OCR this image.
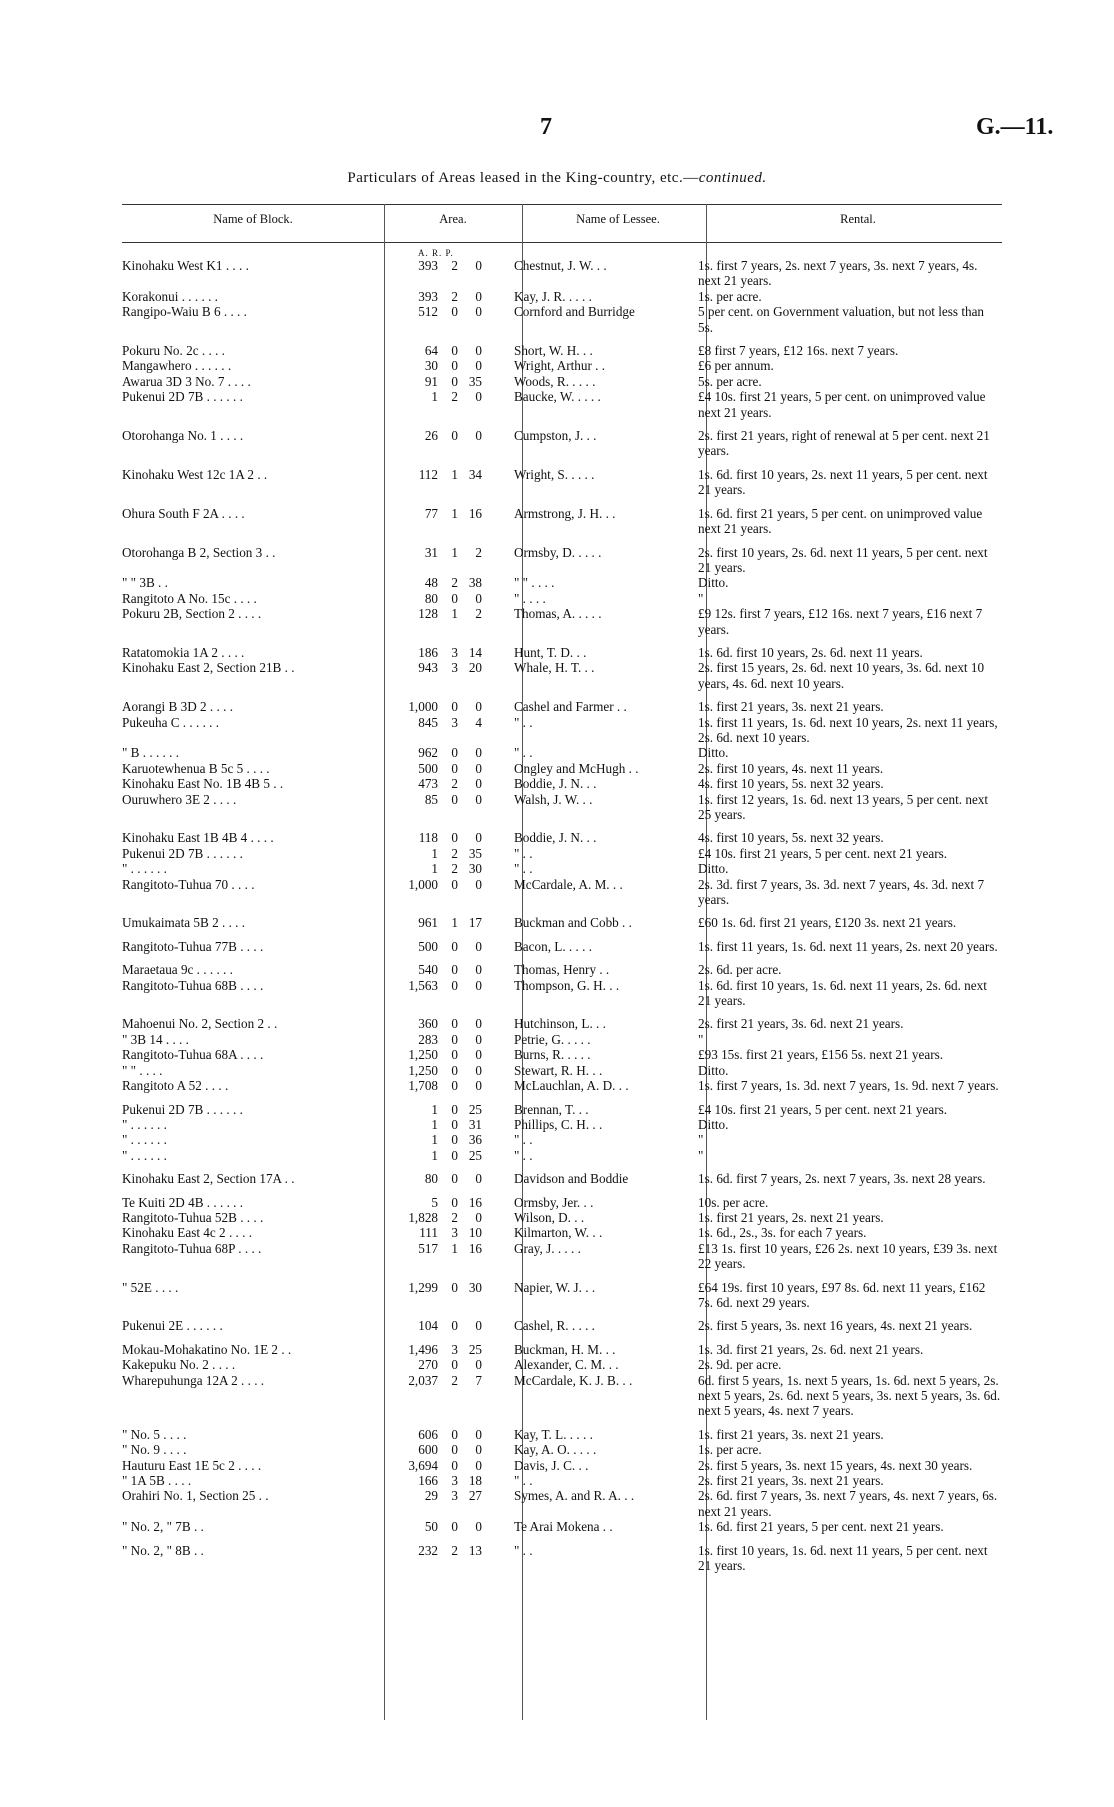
7	G.—11.
Particulars of Areas leased in the King-country, etc.—continued.
Name of Block.	Area.	Name of Lessee.	Rental.
A. R. P.
Kinohaku West K1 . . . .	393 2 0	Chestnut, J. W. . .	1s. first 7 years, 2s. next 7 years, 3s. next 7 years, 4s. next 21 years.
Korakonui . . . . . .	393 2 0	Kay, J. R. . . . .	1s. per acre.
Rangipo-Waiu B 6 . . . .	512 0 0	Cornford and Burridge	5 per cent. on Government valuation, but not less than 5s.
Pokuru No. 2c . . . .	64 0 0	Short, W. H. . .	£8 first 7 years, £12 16s. next 7 years.
Mangawhero . . . . . .	30 0 0	Wright, Arthur . .	£6 per annum.
Awarua 3D 3 No. 7 . . . .	91 0 35	Woods, R. . . . .	5s. per acre.
Pukenui 2D 7B . . . . . .	1 2 0	Baucke, W. . . . .	£4 10s. first 21 years, 5 per cent. on unimproved value next 21 years.
Otorohanga No. 1 . . . .	26 0 0	Cumpston, J. . .	2s. first 21 years, right of renewal at 5 per cent. next 21 years.
Kinohaku West 12c 1A 2 . .	112 1 34	Wright, S. . . . .	1s. 6d. first 10 years, 2s. next 11 years, 5 per cent. next 21 years.
Ohura South F 2A . . . .	77 1 16	Armstrong, J. H. . .	1s. 6d. first 21 years, 5 per cent. on unimproved value next 21 years.
Otorohanga B 2, Section 3 . .	31 1 2	Ormsby, D. . . . .	2s. first 10 years, 2s. 6d. next 11 years, 5 per cent. next 21 years.
" " 3B . .	48 2 38	" " . . . .	Ditto.
Rangitoto A No. 15c . . . .	80 0 0	" . . . .	"
Pokuru 2B, Section 2 . . . .	128 1 2	Thomas, A. . . . .	£9 12s. first 7 years, £12 16s. next 7 years, £16 next 7 years.
Ratatomokia 1A 2 . . . .	186 3 14	Hunt, T. D. . .	1s. 6d. first 10 years, 2s. 6d. next 11 years.
Kinohaku East 2, Section 21B . .	943 3 20	Whale, H. T. . .	2s. first 15 years, 2s. 6d. next 10 years, 3s. 6d. next 10 years, 4s. 6d. next 10 years.
Aorangi B 3D 2 . . . .	1,000 0 0	Cashel and Farmer . .	1s. first 21 years, 3s. next 21 years.
Pukeuha C . . . . . .	845 3 4	" . .	1s. first 11 years, 1s. 6d. next 10 years, 2s. next 11 years, 2s. 6d. next 10 years.
" B . . . . . .	962 0 0	" . .	Ditto.
Karuotewhenua B 5c 5 . . . .	500 0 0	Ongley and McHugh . .	2s. first 10 years, 4s. next 11 years.
Kinohaku East No. 1B 4B 5 . .	473 2 0	Boddie, J. N. . .	4s. first 10 years, 5s. next 32 years.
Ouruwhero 3E 2 . . . .	85 0 0	Walsh, J. W. . .	1s. first 12 years, 1s. 6d. next 13 years, 5 per cent. next 25 years.
Kinohaku East 1B 4B 4 . . . .	118 0 0	Boddie, J. N. . .	4s. first 10 years, 5s. next 32 years.
Pukenui 2D 7B . . . . . .	1 2 35	" . .	£4 10s. first 21 years, 5 per cent. next 21 years.
" . . . . . .	1 2 30	" . .	Ditto.
Rangitoto-Tuhua 70 . . . .	1,000 0 0	McCardale, A. M. . .	2s. 3d. first 7 years, 3s. 3d. next 7 years, 4s. 3d. next 7 years.
Umukaimata 5B 2 . . . .	961 1 17	Buckman and Cobb . .	£60 1s. 6d. first 21 years, £120 3s. next 21 years.
Rangitoto-Tuhua 77B . . . .	500 0 0	Bacon, L. . . . .	1s. first 11 years, 1s. 6d. next 11 years, 2s. next 20 years.
Maraetaua 9c . . . . . .	540 0 0	Thomas, Henry . .	2s. 6d. per acre.
Rangitoto-Tuhua 68B . . . .	1,563 0 0	Thompson, G. H. . .	1s. 6d. first 10 years, 1s. 6d. next 11 years, 2s. 6d. next 21 years.
Mahoenui No. 2, Section 2 . .	360 0 0	Hutchinson, L. . .	2s. first 21 years, 3s. 6d. next 21 years.
" 3B 14 . . . .	283 0 0	Petrie, G. . . . .	"
Rangitoto-Tuhua 68A . . . .	1,250 0 0	Burns, R. . . . .	£93 15s. first 21 years, £156 5s. next 21 years.
" " . . . .	1,250 0 0	Stewart, R. H. . .	Ditto.
Rangitoto A 52 . . . .	1,708 0 0	McLauchlan, A. D. . .	1s. first 7 years, 1s. 3d. next 7 years, 1s. 9d. next 7 years.
Pukenui 2D 7B . . . . . .	1 0 25	Brennan, T. . .	£4 10s. first 21 years, 5 per cent. next 21 years.
" . . . . . .	1 0 31	Phillips, C. H. . .	Ditto.
" . . . . . .	1 0 36	" . .	"
" . . . . . .	1 0 25	" . .	"
Kinohaku East 2, Section 17A . .	80 0 0	Davidson and Boddie	1s. 6d. first 7 years, 2s. next 7 years, 3s. next 28 years.
Te Kuiti 2D 4B . . . . . .	5 0 16	Ormsby, Jer. . .	10s. per acre.
Rangitoto-Tuhua 52B . . . .	1,828 2 0	Wilson, D. . .	1s. first 21 years, 2s. next 21 years.
Kinohaku East 4c 2 . . . .	111 3 10	Kilmarton, W. . .	1s. 6d., 2s., 3s. for each 7 years.
Rangitoto-Tuhua 68P . . . .	517 1 16	Gray, J. . . . .	£13 1s. first 10 years, £26 2s. next 10 years, £39 3s. next 22 years.
" 52E . . . .	1,299 0 30	Napier, W. J. . .	£64 19s. first 10 years, £97 8s. 6d. next 11 years, £162 7s. 6d. next 29 years.
Pukenui 2E . . . . . .	104 0 0	Cashel, R. . . . .	2s. first 5 years, 3s. next 16 years, 4s. next 21 years.
Mokau-Mohakatino No. 1E 2 . .	1,496 3 25	Buckman, H. M. . .	1s. 3d. first 21 years, 2s. 6d. next 21 years.
Kakepuku No. 2 . . . .	270 0 0	Alexander, C. M. . .	2s. 9d. per acre.
Wharepuhunga 12A 2 . . . .	2,037 2 7	McCardale, K. J. B. . .	6d. first 5 years, 1s. next 5 years, 1s. 6d. next 5 years, 2s. next 5 years, 2s. 6d. next 5 years, 3s. next 5 years, 3s. 6d. next 5 years, 4s. next 7 years.
" No. 5 . . . .	606 0 0	Kay, T. L. . . . .	1s. first 21 years, 3s. next 21 years.
" No. 9 . . . .	600 0 0	Kay, A. O. . . . .	1s. per acre.
Hauturu East 1E 5c 2 . . . .	3,694 0 0	Davis, J. C. . .	2s. first 5 years, 3s. next 15 years, 4s. next 30 years.
" 1A 5B . . . .	166 3 18	" . .	2s. first 21 years, 3s. next 21 years.
Orahiri No. 1, Section 25 . .	29 3 27	Symes, A. and R. A. . .	2s. 6d. first 7 years, 3s. next 7 years, 4s. next 7 years, 6s. next 21 years.
" No. 2, " 7B . .	50 0 0	Te Arai Mokena . .	1s. 6d. first 21 years, 5 per cent. next 21 years.
" No. 2, " 8B . .	232 2 13	" . .	1s. first 10 years, 1s. 6d. next 11 years, 5 per cent. next 21 years.
